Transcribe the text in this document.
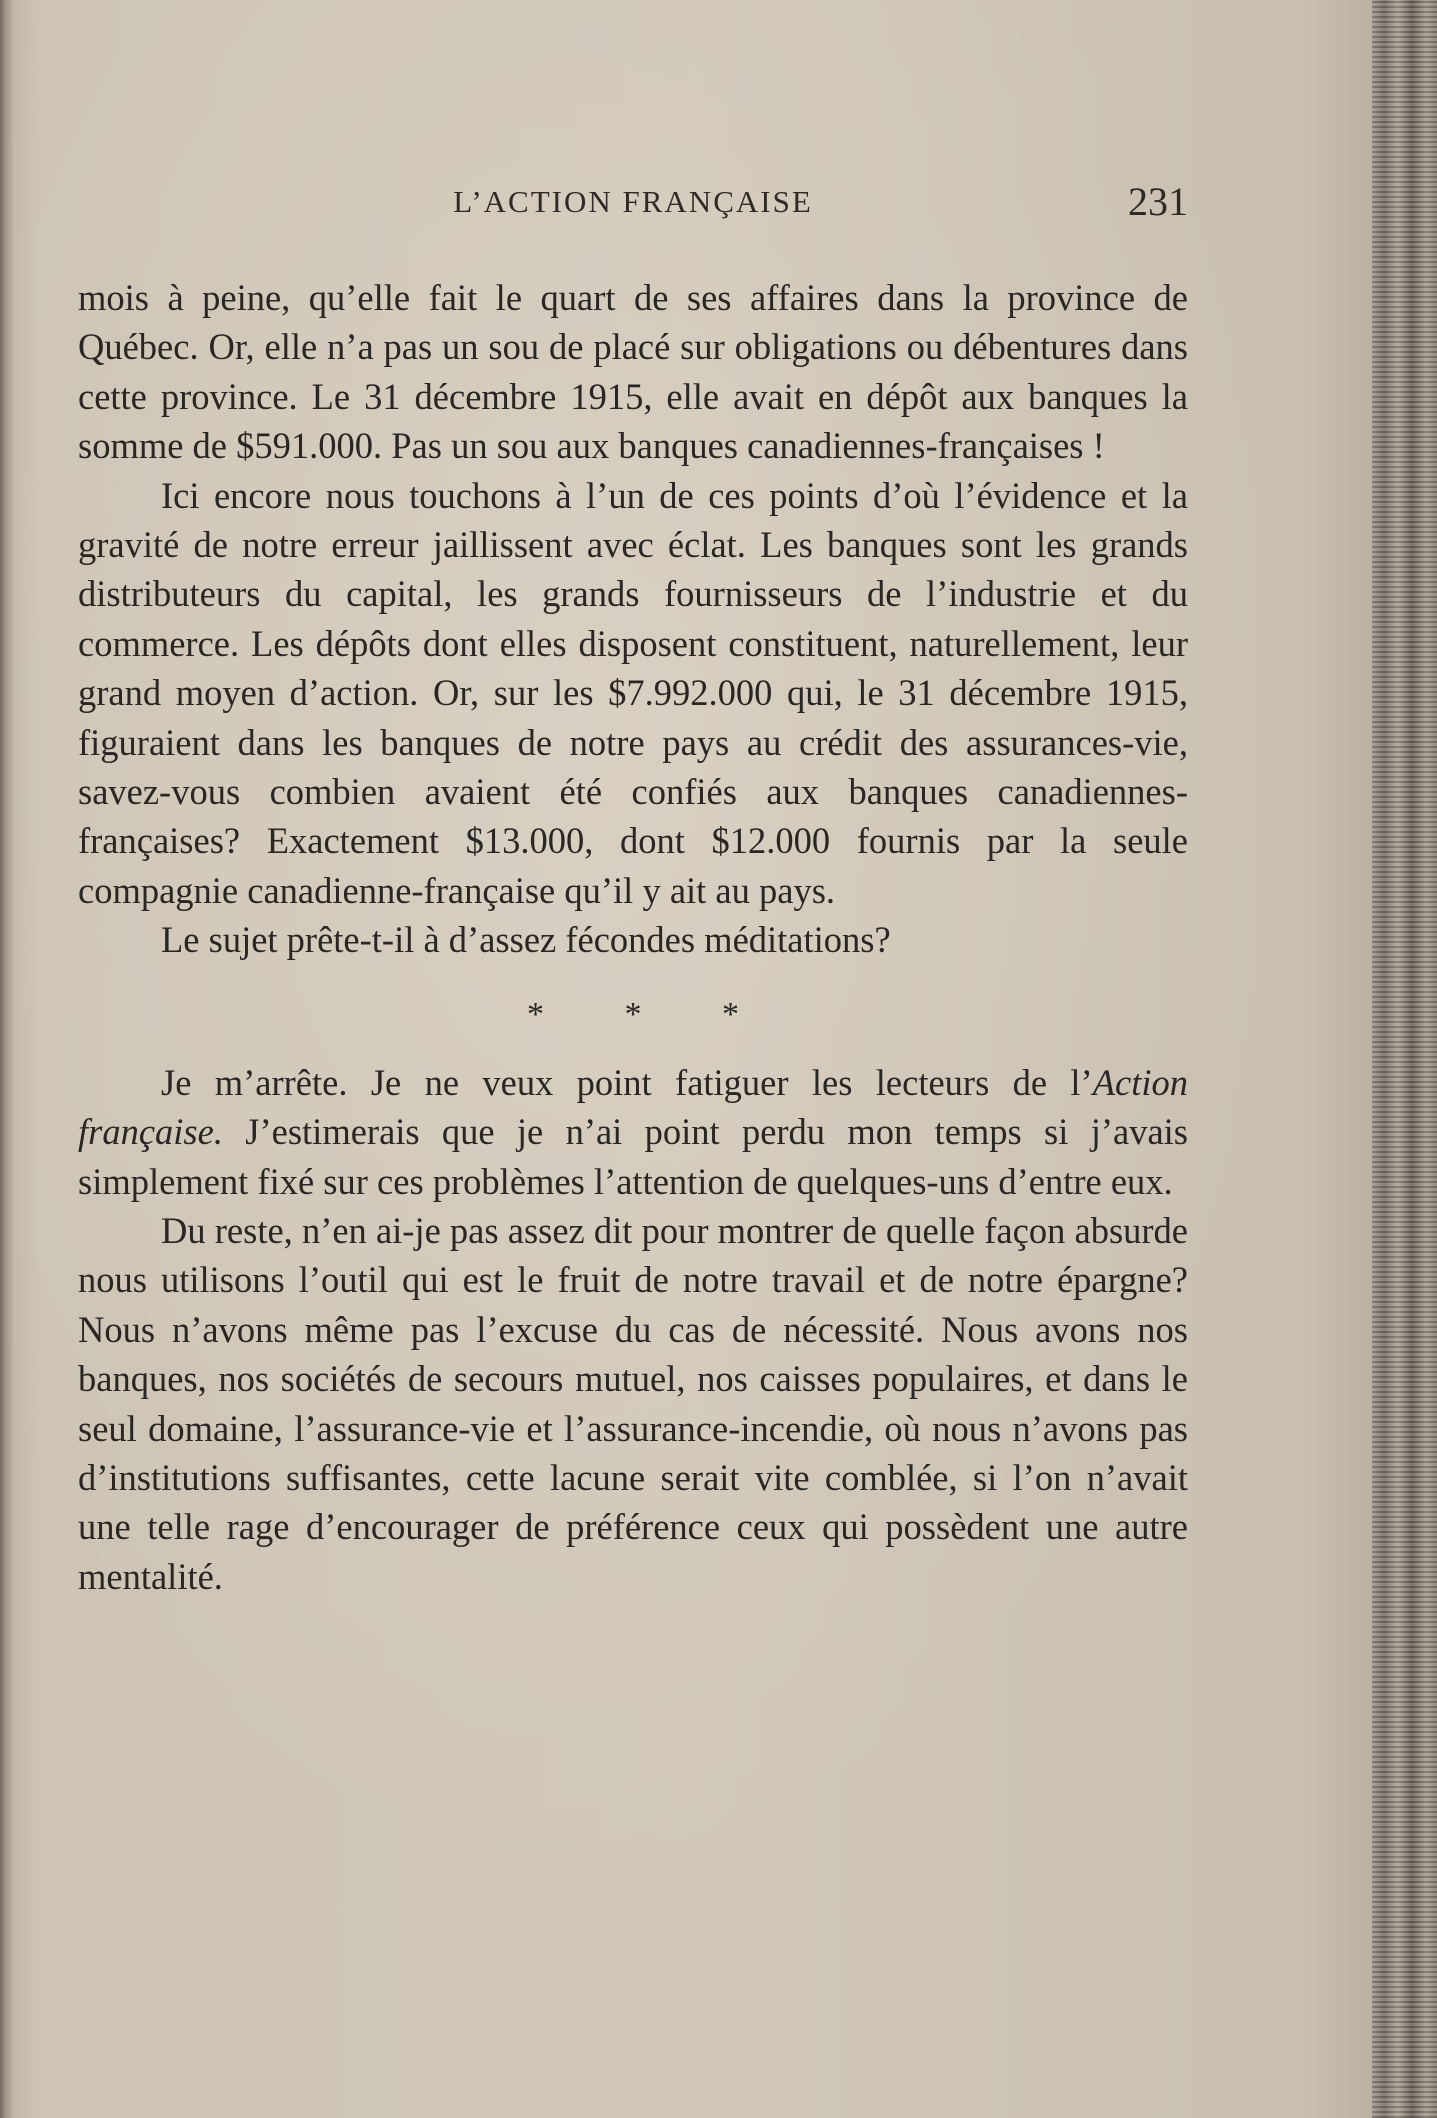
L’ACTION FRANÇAISE	231

mois à peine, qu’elle fait le quart de ses affaires dans la province de Québec. Or, elle n’a pas un sou de placé sur obligations ou débentures dans cette province. Le 31 décembre 1915, elle avait en dépôt aux banques la somme de $591.000. Pas un sou aux banques canadiennes-françaises !

Ici encore nous touchons à l’un de ces points d’où l’évidence et la gravité de notre erreur jaillissent avec éclat. Les banques sont les grands distributeurs du capital, les grands fournisseurs de l’industrie et du commerce. Les dépôts dont elles disposent constituent, naturellement, leur grand moyen d’action. Or, sur les $7.992.000 qui, le 31 décembre 1915, figuraient dans les banques de notre pays au crédit des assurances-vie, savez-vous combien avaient été confiés aux banques canadiennes-françaises? Exactement $13.000, dont $12.000 fournis par la seule compagnie canadienne-française qu’il y ait au pays.

Le sujet prête-t-il à d’assez fécondes méditations?

* * *

Je m’arrête. Je ne veux point fatiguer les lecteurs de l’Action française. J’estimerais que je n’ai point perdu mon temps si j’avais simplement fixé sur ces problèmes l’attention de quelques-uns d’entre eux.

Du reste, n’en ai-je pas assez dit pour montrer de quelle façon absurde nous utilisons l’outil qui est le fruit de notre travail et de notre épargne? Nous n’avons même pas l’excuse du cas de nécessité. Nous avons nos banques, nos sociétés de secours mutuel, nos caisses populaires, et dans le seul domaine, l’assurance-vie et l’assurance-incendie, où nous n’avons pas d’institutions suffisantes, cette lacune serait vite comblée, si l’on n’avait une telle rage d’encourager de préférence ceux qui possèdent une autre mentalité.
